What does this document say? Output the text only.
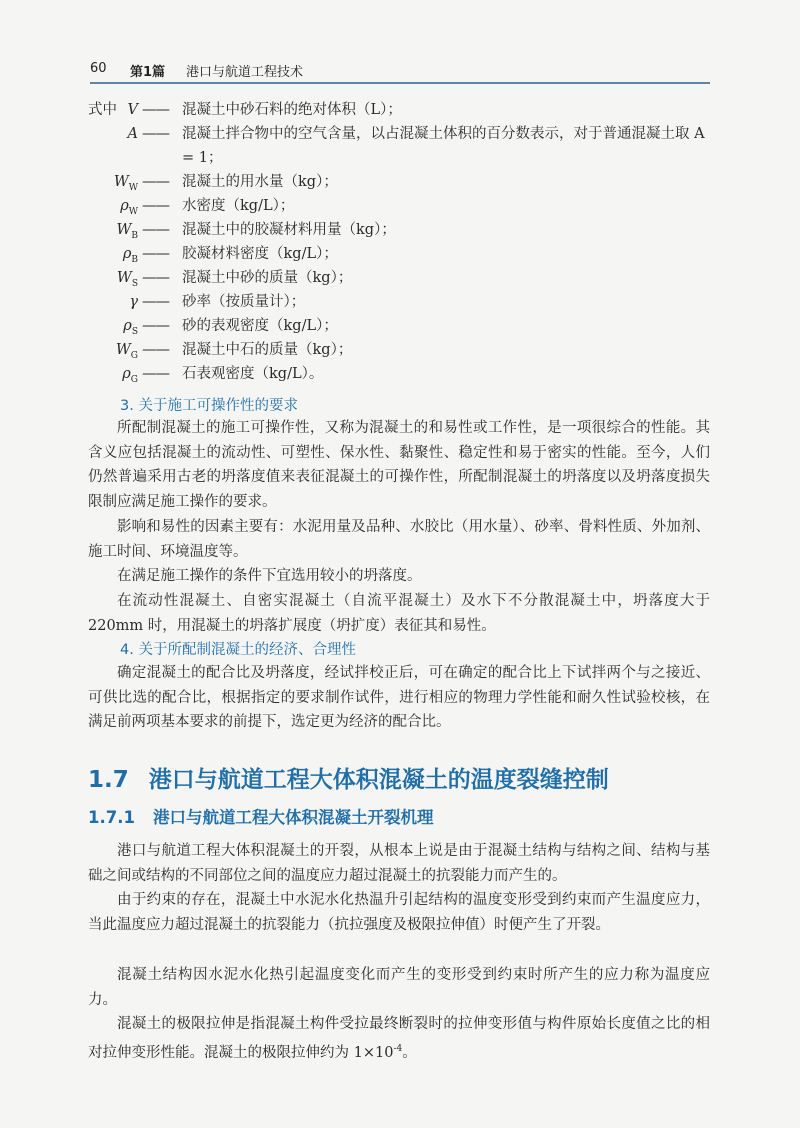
60 第1篇 港口与航道工程技术
式中 V —— 混凝土中砂石料的绝对体积（L）；
A —— 混凝土拌合物中的空气含量，以占混凝土体积的百分数表示，对于普通混凝土取 A = 1；
$W_W$ —— 混凝土的用水量（kg）；
$\rho_W$ —— 水密度（kg/L）；
$W_B$ —— 混凝土中的胶凝材料用量（kg）；
$\rho_B$ —— 胶凝材料密度（kg/L）；
$W_S$ —— 混凝土中砂的质量（kg）；
γ —— 砂率（按质量计）；
$\rho_S$ —— 砂的表观密度（kg/L）；
$W_G$ —— 混凝土中石的质量（kg）；
$\rho_G$ —— 石表观密度（kg/L）。
3. 关于施工可操作性的要求

所配制混凝土的施工可操作性，又称为混凝土的和易性或工作性，是一项很综合的性能。其含义应包括混凝土的流动性、可塑性、保水性、黏聚性、稳定性和易于密实的性能。至今，人们仍然普遍采用古老的坍落度值来表征混凝土的可操作性，所配制混凝土的坍落度以及坍落度损失限制应满足施工操作的要求。

影响和易性的因素主要有：水泥用量及品种、水胶比（用水量）、砂率、骨料性质、外加剂、施工时间、环境温度等。

在满足施工操作的条件下宜选用较小的坍落度。

在流动性混凝土、自密实混凝土（自流平混凝土）及水下不分散混凝土中，坍落度大于 220mm 时，用混凝土的坍落扩展度（坍扩度）表征其和易性。

4. 关于所配制混凝土的经济、合理性

确定混凝土的配合比及坍落度，经试拌校正后，可在确定的配合比上下试拌两个与之接近、可供比选的配合比，根据指定的要求制作试件，进行相应的物理力学性能和耐久性试验校核，在满足前两项基本要求的前提下，选定更为经济的配合比。

1.7 港口与航道工程大体积混凝土的温度裂缝控制
1.7.1 港口与航道工程大体积混凝土开裂机理

港口与航道工程大体积混凝土的开裂，从根本上说是由于混凝土结构与结构之间、结构与基础之间或结构的不同部位之间的温度应力超过混凝土的抗裂能力而产生的。

由于约束的存在，混凝土中水泥水化热温升引起结构的温度变形受到约束而产生温度应力，当此温度应力超过混凝土的抗裂能力（抗拉强度及极限拉伸值）时便产生了开裂。

混凝土结构因水泥水化热引起温度变化而产生的变形受到约束时所产生的应力称为温度应力。

混凝土的极限拉伸是指混凝土构件受拉最终断裂时的拉伸变形值与构件原始长度值之比的相对拉伸变形性能。混凝土的极限拉伸约为 $1\times 10^{-4}$。
